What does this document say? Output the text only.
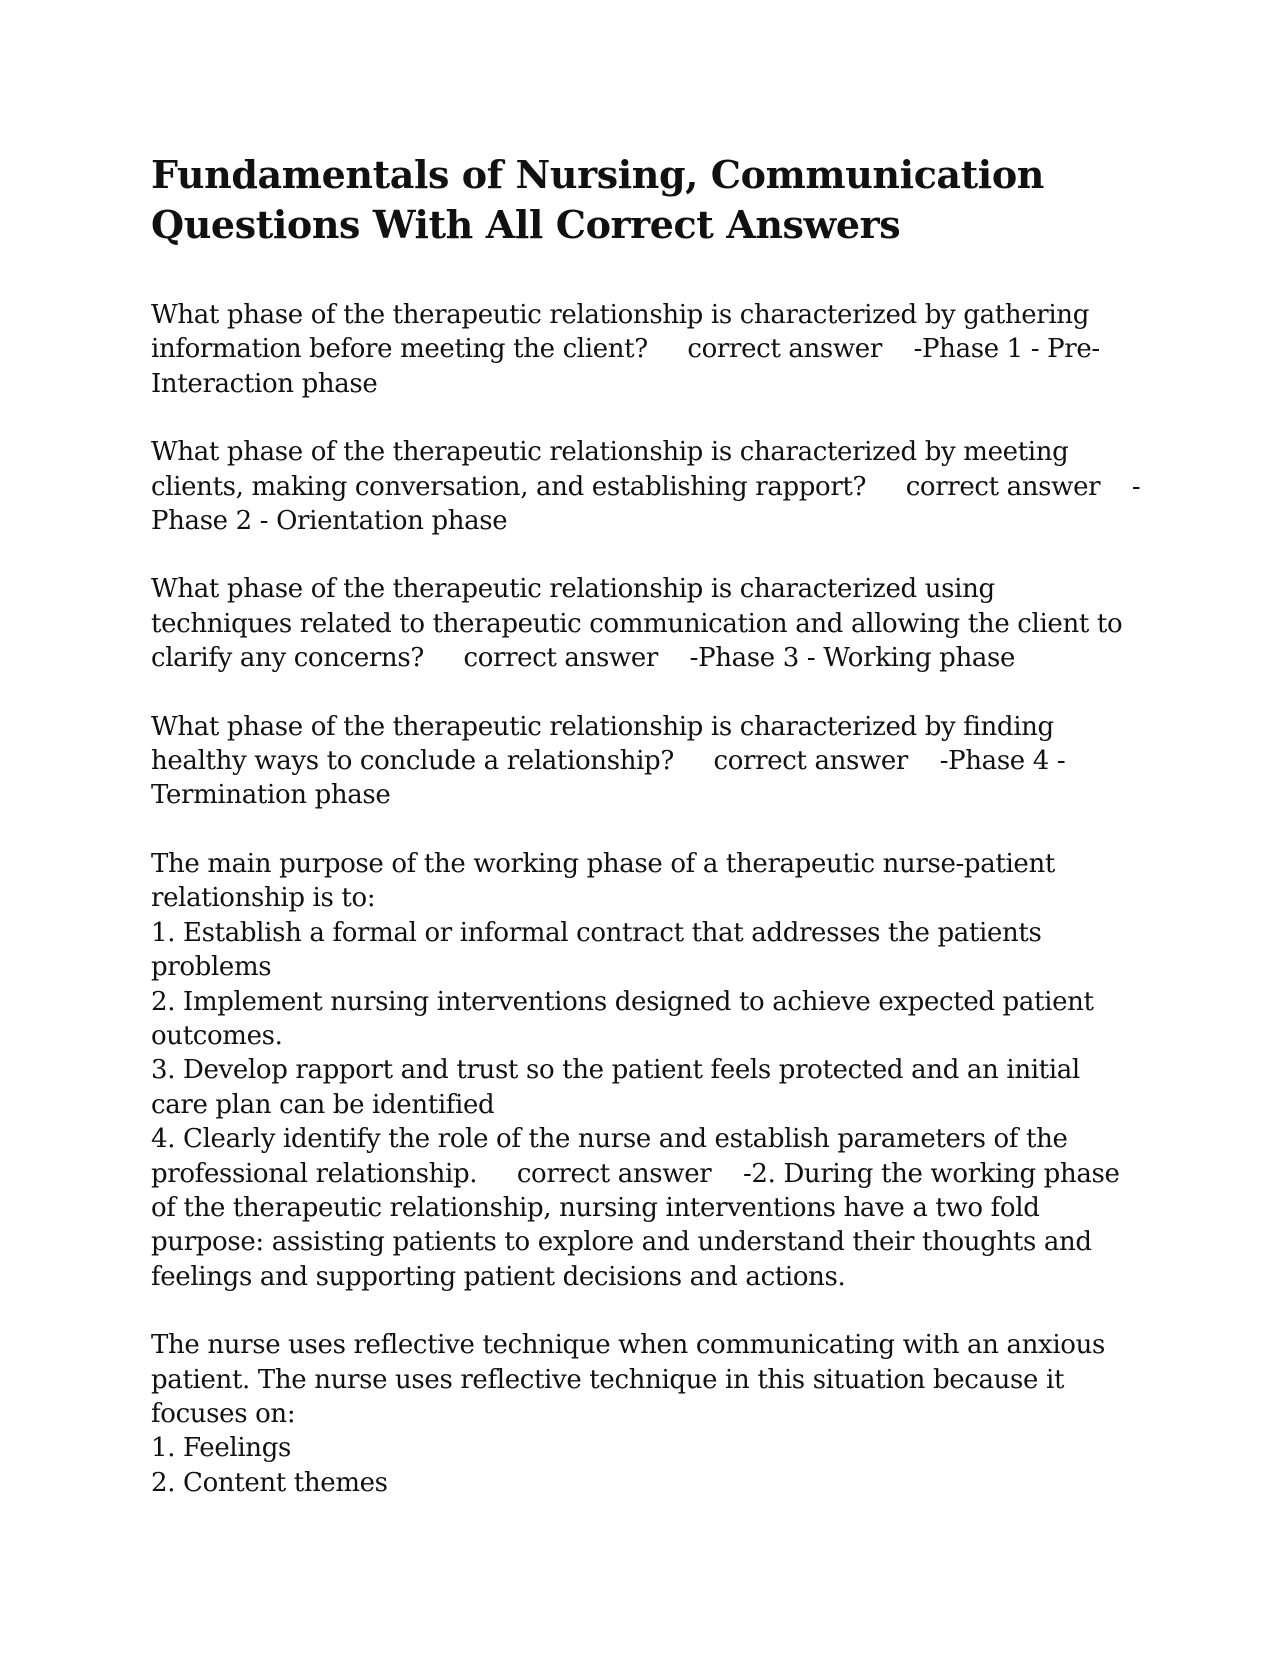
Fundamentals of Nursing, Communication Questions With All Correct Answers

What phase of the therapeutic relationship is characterized by gathering information before meeting the client? correct answer -Phase 1 - Pre-Interaction phase

What phase of the therapeutic relationship is characterized by meeting clients, making conversation, and establishing rapport? correct answer -Phase 2 - Orientation phase

What phase of the therapeutic relationship is characterized using techniques related to therapeutic communication and allowing the client to clarify any concerns? correct answer -Phase 3 - Working phase

What phase of the therapeutic relationship is characterized by finding healthy ways to conclude a relationship? correct answer -Phase 4 - Termination phase

The main purpose of the working phase of a therapeutic nurse-patient relationship is to:
1. Establish a formal or informal contract that addresses the patients problems
2. Implement nursing interventions designed to achieve expected patient outcomes.
3. Develop rapport and trust so the patient feels protected and an initial care plan can be identified
4. Clearly identify the role of the nurse and establish parameters of the professional relationship. correct answer -2. During the working phase of the therapeutic relationship, nursing interventions have a two fold purpose: assisting patients to explore and understand their thoughts and feelings and supporting patient decisions and actions.

The nurse uses reflective technique when communicating with an anxious patient. The nurse uses reflective technique in this situation because it focuses on:
1. Feelings
2. Content themes
